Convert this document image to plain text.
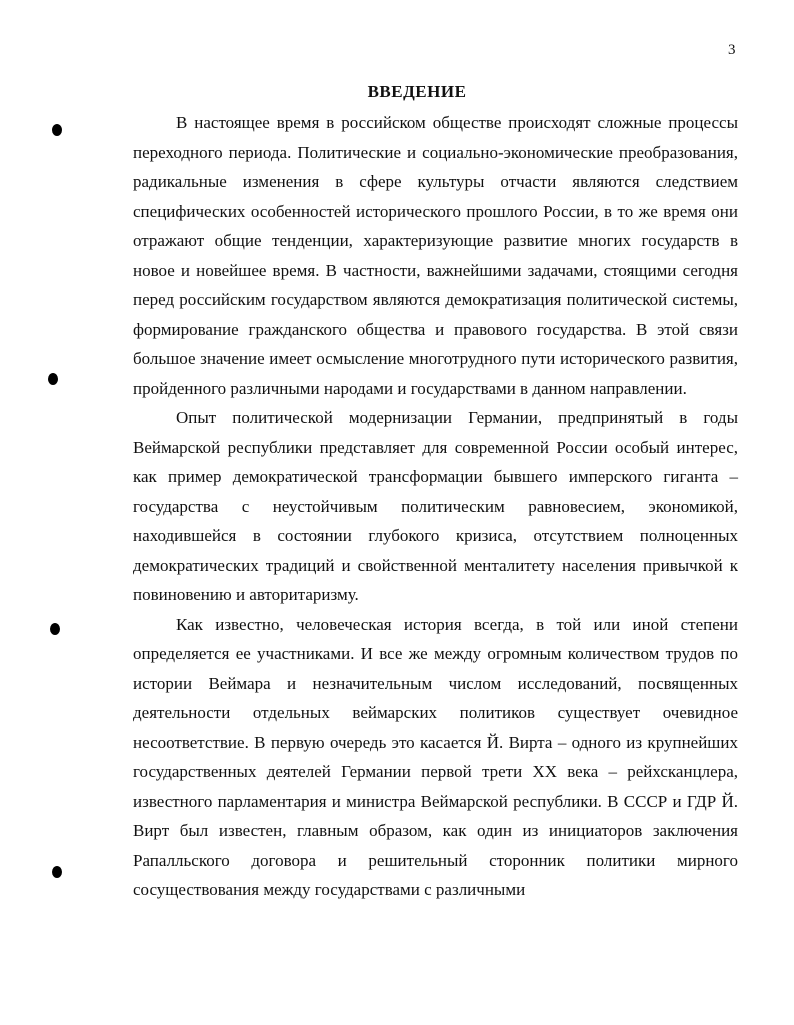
3
ВВЕДЕНИЕ

В настоящее время в российском обществе происходят сложные процессы переходного периода. Политические и социально-экономические преобразования, радикальные изменения в сфере культуры отчасти являются следствием специфических особенностей исторического прошлого России, в то же время они отражают общие тенденции, характеризующие развитие многих государств в новое и новейшее время. В частности, важнейшими задачами, стоящими сегодня перед российским государством являются демократизация политической системы, формирование гражданского общества и правового государства. В этой связи большое значение имеет осмысление многотрудного пути исторического развития, пройденного различными народами и государствами в данном направлении.

Опыт политической модернизации Германии, предпринятый в годы Веймарской республики представляет для современной России особый интерес, как пример демократической трансформации бывшего имперского гиганта – государства с неустойчивым политическим равновесием, экономикой, находившейся в состоянии глубокого кризиса, отсутствием полноценных демократических традиций и свойственной менталитету населения привычкой к повиновению и авторитаризму.

Как известно, человеческая история всегда, в той или иной степени определяется ее участниками. И все же между огромным количеством трудов по истории Веймара и незначительным числом исследований, посвященных деятельности отдельных веймарских политиков существует очевидное несоответствие. В первую очередь это касается Й. Вирта – одного из крупнейших государственных деятелей Германии первой трети XX века – рейхсканцлера, известного парламентария и министра Веймарской республики. В СССР и ГДР Й. Вирт был известен, главным образом, как один из инициаторов заключения Рапалльского договора и решительный сторонник политики мирного сосуществования между государствами с различными
